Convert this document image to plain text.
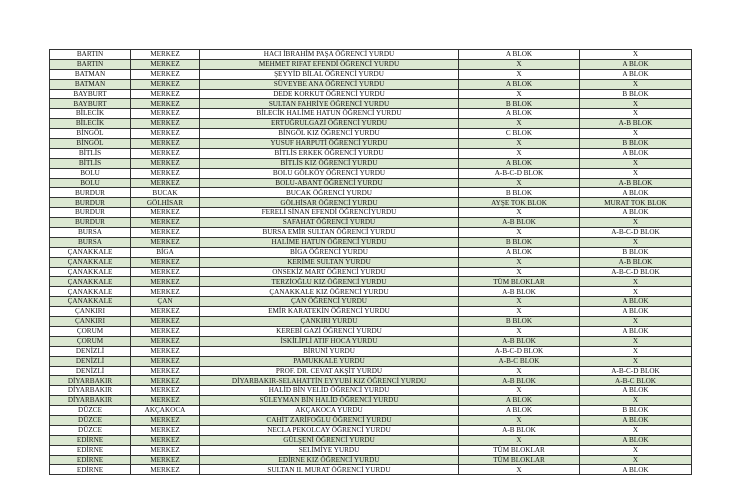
BARTIN	MERKEZ	HACI İBRAHİM PAŞA ÖĞRENCİ YURDU	A BLOK	X
BARTIN	MERKEZ	MEHMET RIFAT EFENDİ ÖĞRENCİ YURDU	X	A BLOK
BATMAN	MERKEZ	ŞEYYİD BİLAL ÖĞRENCİ YURDU	X	A BLOK
BATMAN	MERKEZ	SÜVEYBE ANA ÖĞRENCİ YURDU	A BLOK	X
BAYBURT	MERKEZ	DEDE KORKUT ÖĞRENCİ YURDU	X	B BLOK
BAYBURT	MERKEZ	SULTAN FAHRİYE ÖĞRENCİ YURDU	B BLOK	X
BİLECİK	MERKEZ	BİLECİK HALİME HATUN ÖĞRENCİ YURDU	A BLOK	X
BİLECİK	MERKEZ	ERTUĞRULGAZİ ÖĞRENCİ YURDU	X	A-B BLOK
BİNGÖL	MERKEZ	BİNGÖL KIZ ÖĞRENCİ YURDU	C BLOK	X
BİNGÖL	MERKEZ	YUSUF HARPUTİ ÖĞRENCİ YURDU	X	B BLOK
BİTLİS	MERKEZ	BİTLİS ERKEK ÖĞRENCİ YURDU	X	A BLOK
BİTLİS	MERKEZ	BİTLİS KIZ ÖĞRENCİ YURDU	A BLOK	X
BOLU	MERKEZ	BOLU GÖLKÖY ÖĞRENCİ YURDU	A-B-C-D BLOK	X
BOLU	MERKEZ	BOLU-ABANT ÖĞRENCİ YURDU	X	A-B BLOK
BURDUR	BUCAK	BUCAK ÖĞRENCİ YURDU	B BLOK	A BLOK
BURDUR	GÖLHİSAR	GÖLHİSAR ÖĞRENCİ YURDU	AYŞE TOK BLOK	MURAT TOK BLOK
BURDUR	MERKEZ	FERELİ SİNAN EFENDİ ÖĞRENCİYURDU	X	A BLOK
BURDUR	MERKEZ	SAFAHAT ÖĞRENCİ YURDU	A-B BLOK	X
BURSA	MERKEZ	BURSA EMİR SULTAN ÖĞRENCİ YURDU	X	A-B-C-D BLOK
BURSA	MERKEZ	HALİME HATUN ÖĞRENCİ YURDU	B BLOK	X
ÇANAKKALE	BİGA	BİGA ÖĞRENCİ YURDU	A BLOK	B BLOK
ÇANAKKALE	MERKEZ	KERİME SULTAN YURDU	X	A-B BLOK
ÇANAKKALE	MERKEZ	ONSEKİZ MART ÖĞRENCİ YURDU	X	A-B-C-D BLOK
ÇANAKKALE	MERKEZ	TERZİOĞLU KIZ ÖĞRENCİ YURDU	TÜM BLOKLAR	X
ÇANAKKALE	MERKEZ	ÇANAKKALE KIZ ÖĞRENCİ YURDU	A-B BLOK	X
ÇANAKKALE	ÇAN	ÇAN ÖĞRENCİ YURDU	X	A BLOK
ÇANKIRI	MERKEZ	EMİR KARATEKİN ÖĞRENCİ YURDU	X	A BLOK
ÇANKIRI	MERKEZ	ÇANKIRI YURDU	B BLOK	X
ÇORUM	MERKEZ	KEREBİ GAZİ ÖĞRENCİ YURDU	X	A BLOK
ÇORUM	MERKEZ	İSKİLİPLİ ATIF HOCA YURDU	A-B BLOK	X
DENİZLİ	MERKEZ	BİRUNİ YURDU	A-B-C-D BLOK	X
DENİZLİ	MERKEZ	PAMUKKALE YURDU	A-B-C BLOK	X
DENİZLİ	MERKEZ	PROF. DR. CEVAT AKŞİT YURDU	X	A-B-C-D BLOK
DİYARBAKIR	MERKEZ	DİYARBAKIR-SELAHATTİN EYYUBİ KIZ ÖĞRENCİ YURDU	A-B BLOK	A-B-C BLOK
DİYARBAKIR	MERKEZ	HALİD BİN VELİD ÖĞRENCİ YURDU	X	A BLOK
DİYARBAKIR	MERKEZ	SÜLEYMAN BİN HALİD ÖĞRENCİ YURDU	A BLOK	X
DÜZCE	AKÇAKOCA	AKÇAKOCA YURDU	A BLOK	B BLOK
DÜZCE	MERKEZ	CAHİT ZARİFOĞLU ÖĞRENCİ YURDU	X	A BLOK
DÜZCE	MERKEZ	NECLA PEKOLCAY ÖĞRENCİ YURDU	A-B BLOK	X
EDİRNE	MERKEZ	GÜLŞENİ ÖĞRENCİ YURDU	X	A BLOK
EDİRNE	MERKEZ	SELİMİYE YURDU	TÜM BLOKLAR	X
EDİRNE	MERKEZ	EDİRNE KIZ ÖĞRENCİ YURDU	TÜM BLOKLAR	X
EDİRNE	MERKEZ	SULTAN II. MURAT ÖĞRENCİ YURDU	X	A BLOK
